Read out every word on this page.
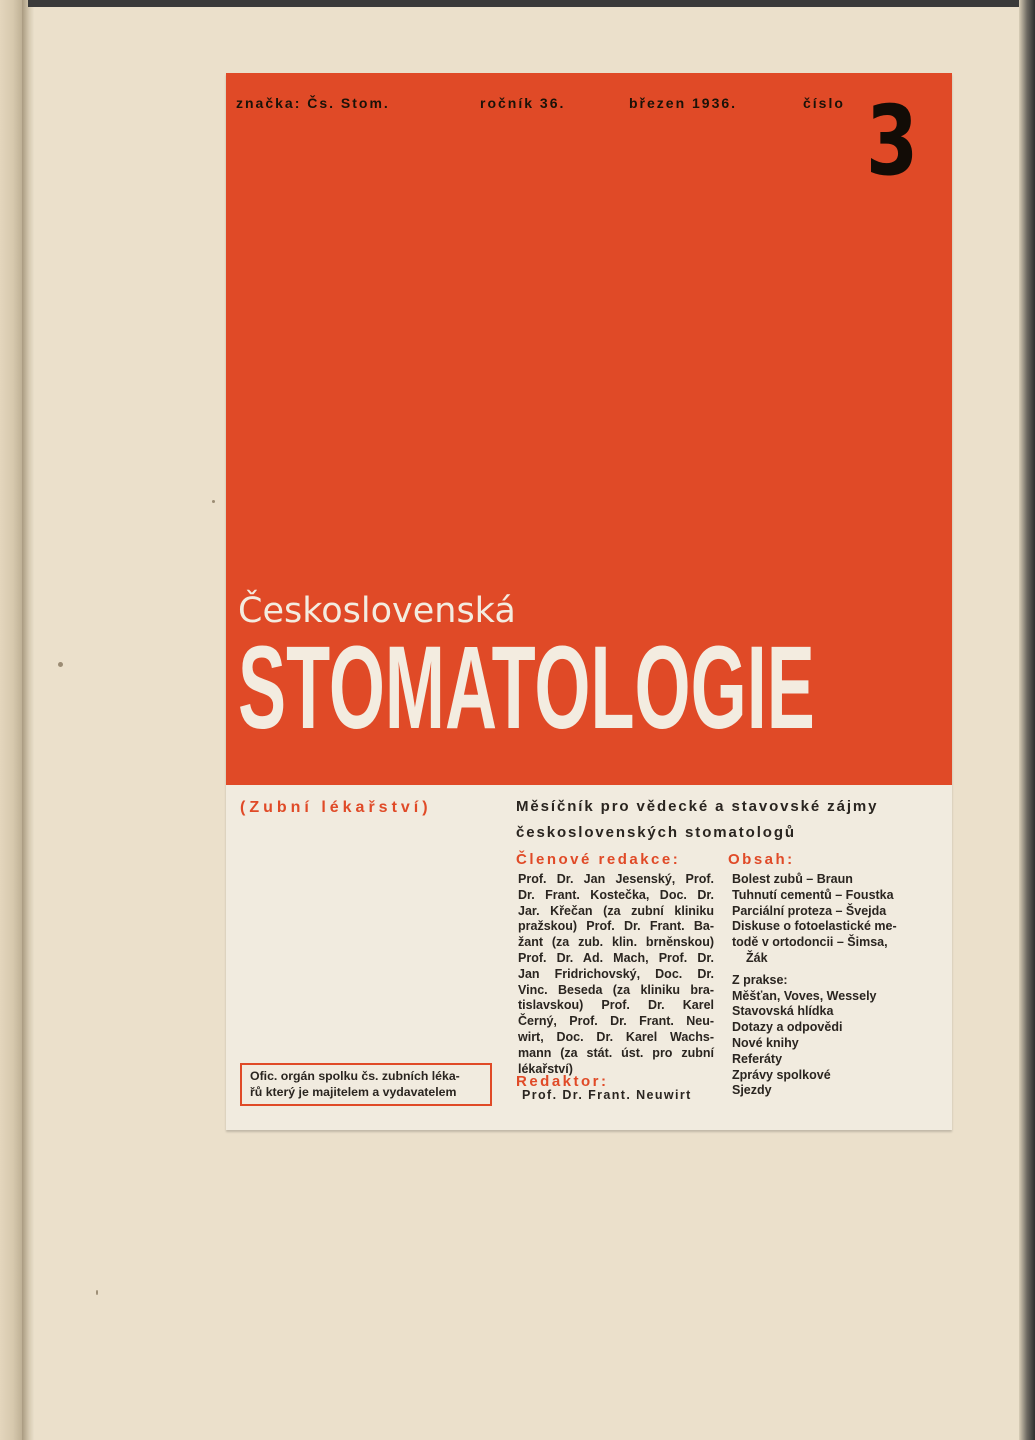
značka: Čs. Stom.	ročník 36.	březen 1936.	číslo 3
Československá
STOMATOLOGIE
(Zubní lékařství)	Měsíčník pro vědecké a stavovské zájmy
československých stomatologů
Členové redakce:	Obsah:
Prof. Dr. Jan Jesenský, Prof.
Dr. Frant. Kostečka, Doc. Dr.
Jar. Křečan (za zubní kliniku
pražskou) Prof. Dr. Frant. Ba-
žant (za zub. klin. brněnskou)
Prof. Dr. Ad. Mach, Prof. Dr.
Jan Fridrichovský, Doc. Dr.
Vinc. Beseda (za kliniku bra-
tislavskou) Prof. Dr. Karel
Černý, Prof. Dr. Frant. Neu-
wirt, Doc. Dr. Karel Wachs-
mann (za stát. úst. pro zubní
lékařství)
Bolest zubů – Braun
Tuhnutí cementů – Foustka
Parciální proteza – Švejda
Diskuse o fotoelastické me-
todě v ortodoncii – Šimsa,
Žák
Z prakse:
Měšťan, Voves, Wessely
Stavovská hlídka
Dotazy a odpovědi
Nové knihy
Referáty
Zprávy spolkové
Sjezdy
Redaktor:
Prof. Dr. Frant. Neuwirt
Ofic. orgán spolku čs. zubních léka-
řů který je majitelem a vydavatelem
